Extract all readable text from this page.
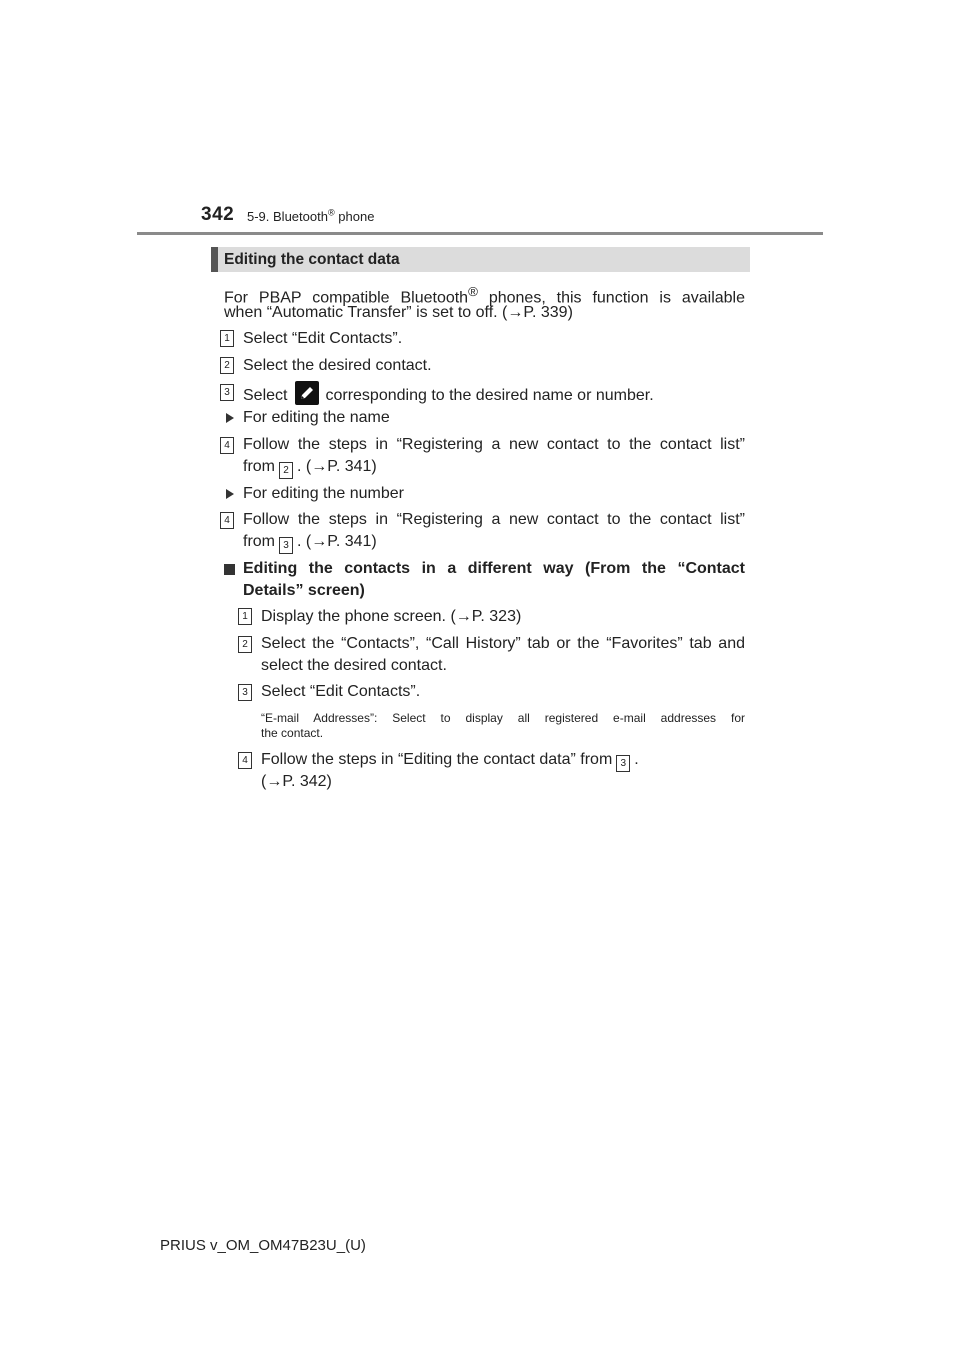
342 5-9. Bluetooth® phone
Editing the contact data
For PBAP compatible Bluetooth® phones, this function is available
when “Automatic Transfer” is set to off. (→P. 339)
1 Select “Edit Contacts”.
2 Select the desired contact.
3 Select corresponding to the desired name or number.
For editing the name
4 Follow the steps in “Registering a new contact to the contact list”
from 2 . (→P. 341)
For editing the number
4 Follow the steps in “Registering a new contact to the contact list”
from 3 . (→P. 341)
Editing the contacts in a different way (From the “Contact
Details” screen)
1 Display the phone screen. (→P. 323)
2 Select the “Contacts”, “Call History” tab or the “Favorites” tab and
select the desired contact.
3 Select “Edit Contacts”.
“E-mail Addresses”: Select to display all registered e-mail addresses for
the contact.
4 Follow the steps in “Editing the contact data” from 3 .
(→P. 342)
PRIUS v_OM_OM47B23U_(U)
